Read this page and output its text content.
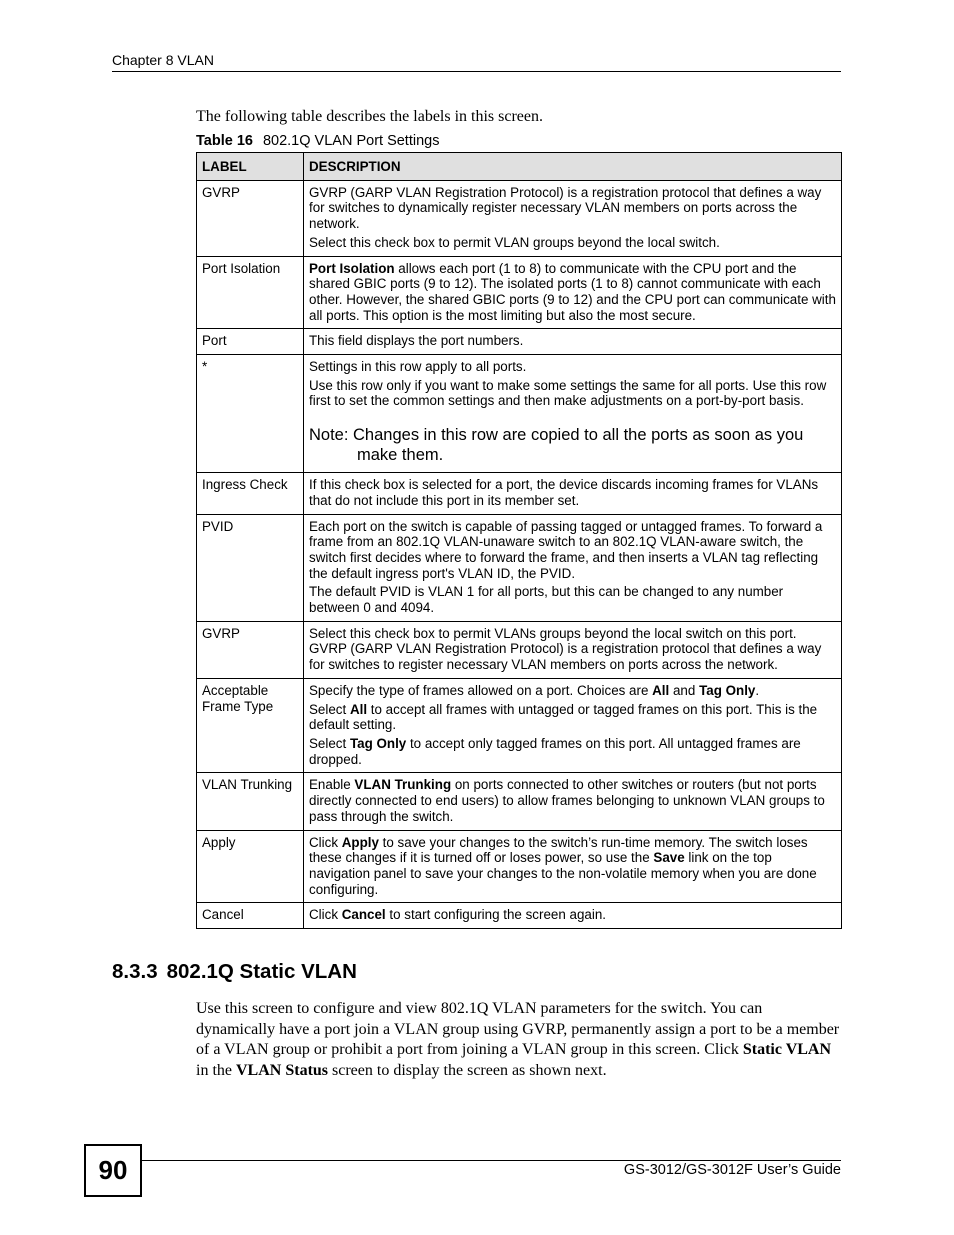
Chapter 8 VLAN
The following table describes the labels in this screen.
Table 16 802.1Q VLAN Port Settings
LABEL	DESCRIPTION
GVRP	GVRP (GARP VLAN Registration Protocol) is a registration protocol that defines a way for switches to dynamically register necessary VLAN members on ports across the network.

Select this check box to permit VLAN groups beyond the local switch.

Port Isolation	Port Isolation allows each port (1 to 8) to communicate with the CPU port and the shared GBIC ports (9 to 12). The isolated ports (1 to 8) cannot communicate with each other. However, the shared GBIC ports (9 to 12) and the CPU port can communicate with all ports. This option is the most limiting but also the most secure.

Port	This field displays the port numbers.

*	Settings in this row apply to all ports.

Use this row only if you want to make some settings the same for all ports. Use this row first to set the common settings and then make adjustments on a port-by-port basis.

Note: Changes in this row are copied to all the ports as soon as you make them.

Ingress Check	If this check box is selected for a port, the device discards incoming frames for VLANs that do not include this port in its member set.

PVID	Each port on the switch is capable of passing tagged or untagged frames. To forward a frame from an 802.1Q VLAN-unaware switch to an 802.1Q VLAN-aware switch, the switch first decides where to forward the frame, and then inserts a VLAN tag reflecting the default ingress port's VLAN ID, the PVID.

The default PVID is VLAN 1 for all ports, but this can be changed to any number between 0 and 4094.

GVRP	Select this check box to permit VLANs groups beyond the local switch on this port. GVRP (GARP VLAN Registration Protocol) is a registration protocol that defines a way for switches to register necessary VLAN members on ports across the network.

Acceptable Frame Type	Specify the type of frames allowed on a port. Choices are All and Tag Only.

Select All to accept all frames with untagged or tagged frames on this port. This is the default setting.

Select Tag Only to accept only tagged frames on this port. All untagged frames are dropped.

VLAN Trunking	Enable VLAN Trunking on ports connected to other switches or routers (but not ports directly connected to end users) to allow frames belonging to unknown VLAN groups to pass through the switch.

Apply	Click Apply to save your changes to the switch’s run-time memory. The switch loses these changes if it is turned off or loses power, so use the Save link on the top navigation panel to save your changes to the non-volatile memory when you are done configuring.

Cancel	Click Cancel to start configuring the screen again.

8.3.3 802.1Q Static VLAN

Use this screen to configure and view 802.1Q VLAN parameters for the switch. You can dynamically have a port join a VLAN group using GVRP, permanently assign a port to be a member of a VLAN group or prohibit a port from joining a VLAN group in this screen. Click Static VLAN in the VLAN Status screen to display the screen as shown next.

90	GS-3012/GS-3012F User’s Guide
